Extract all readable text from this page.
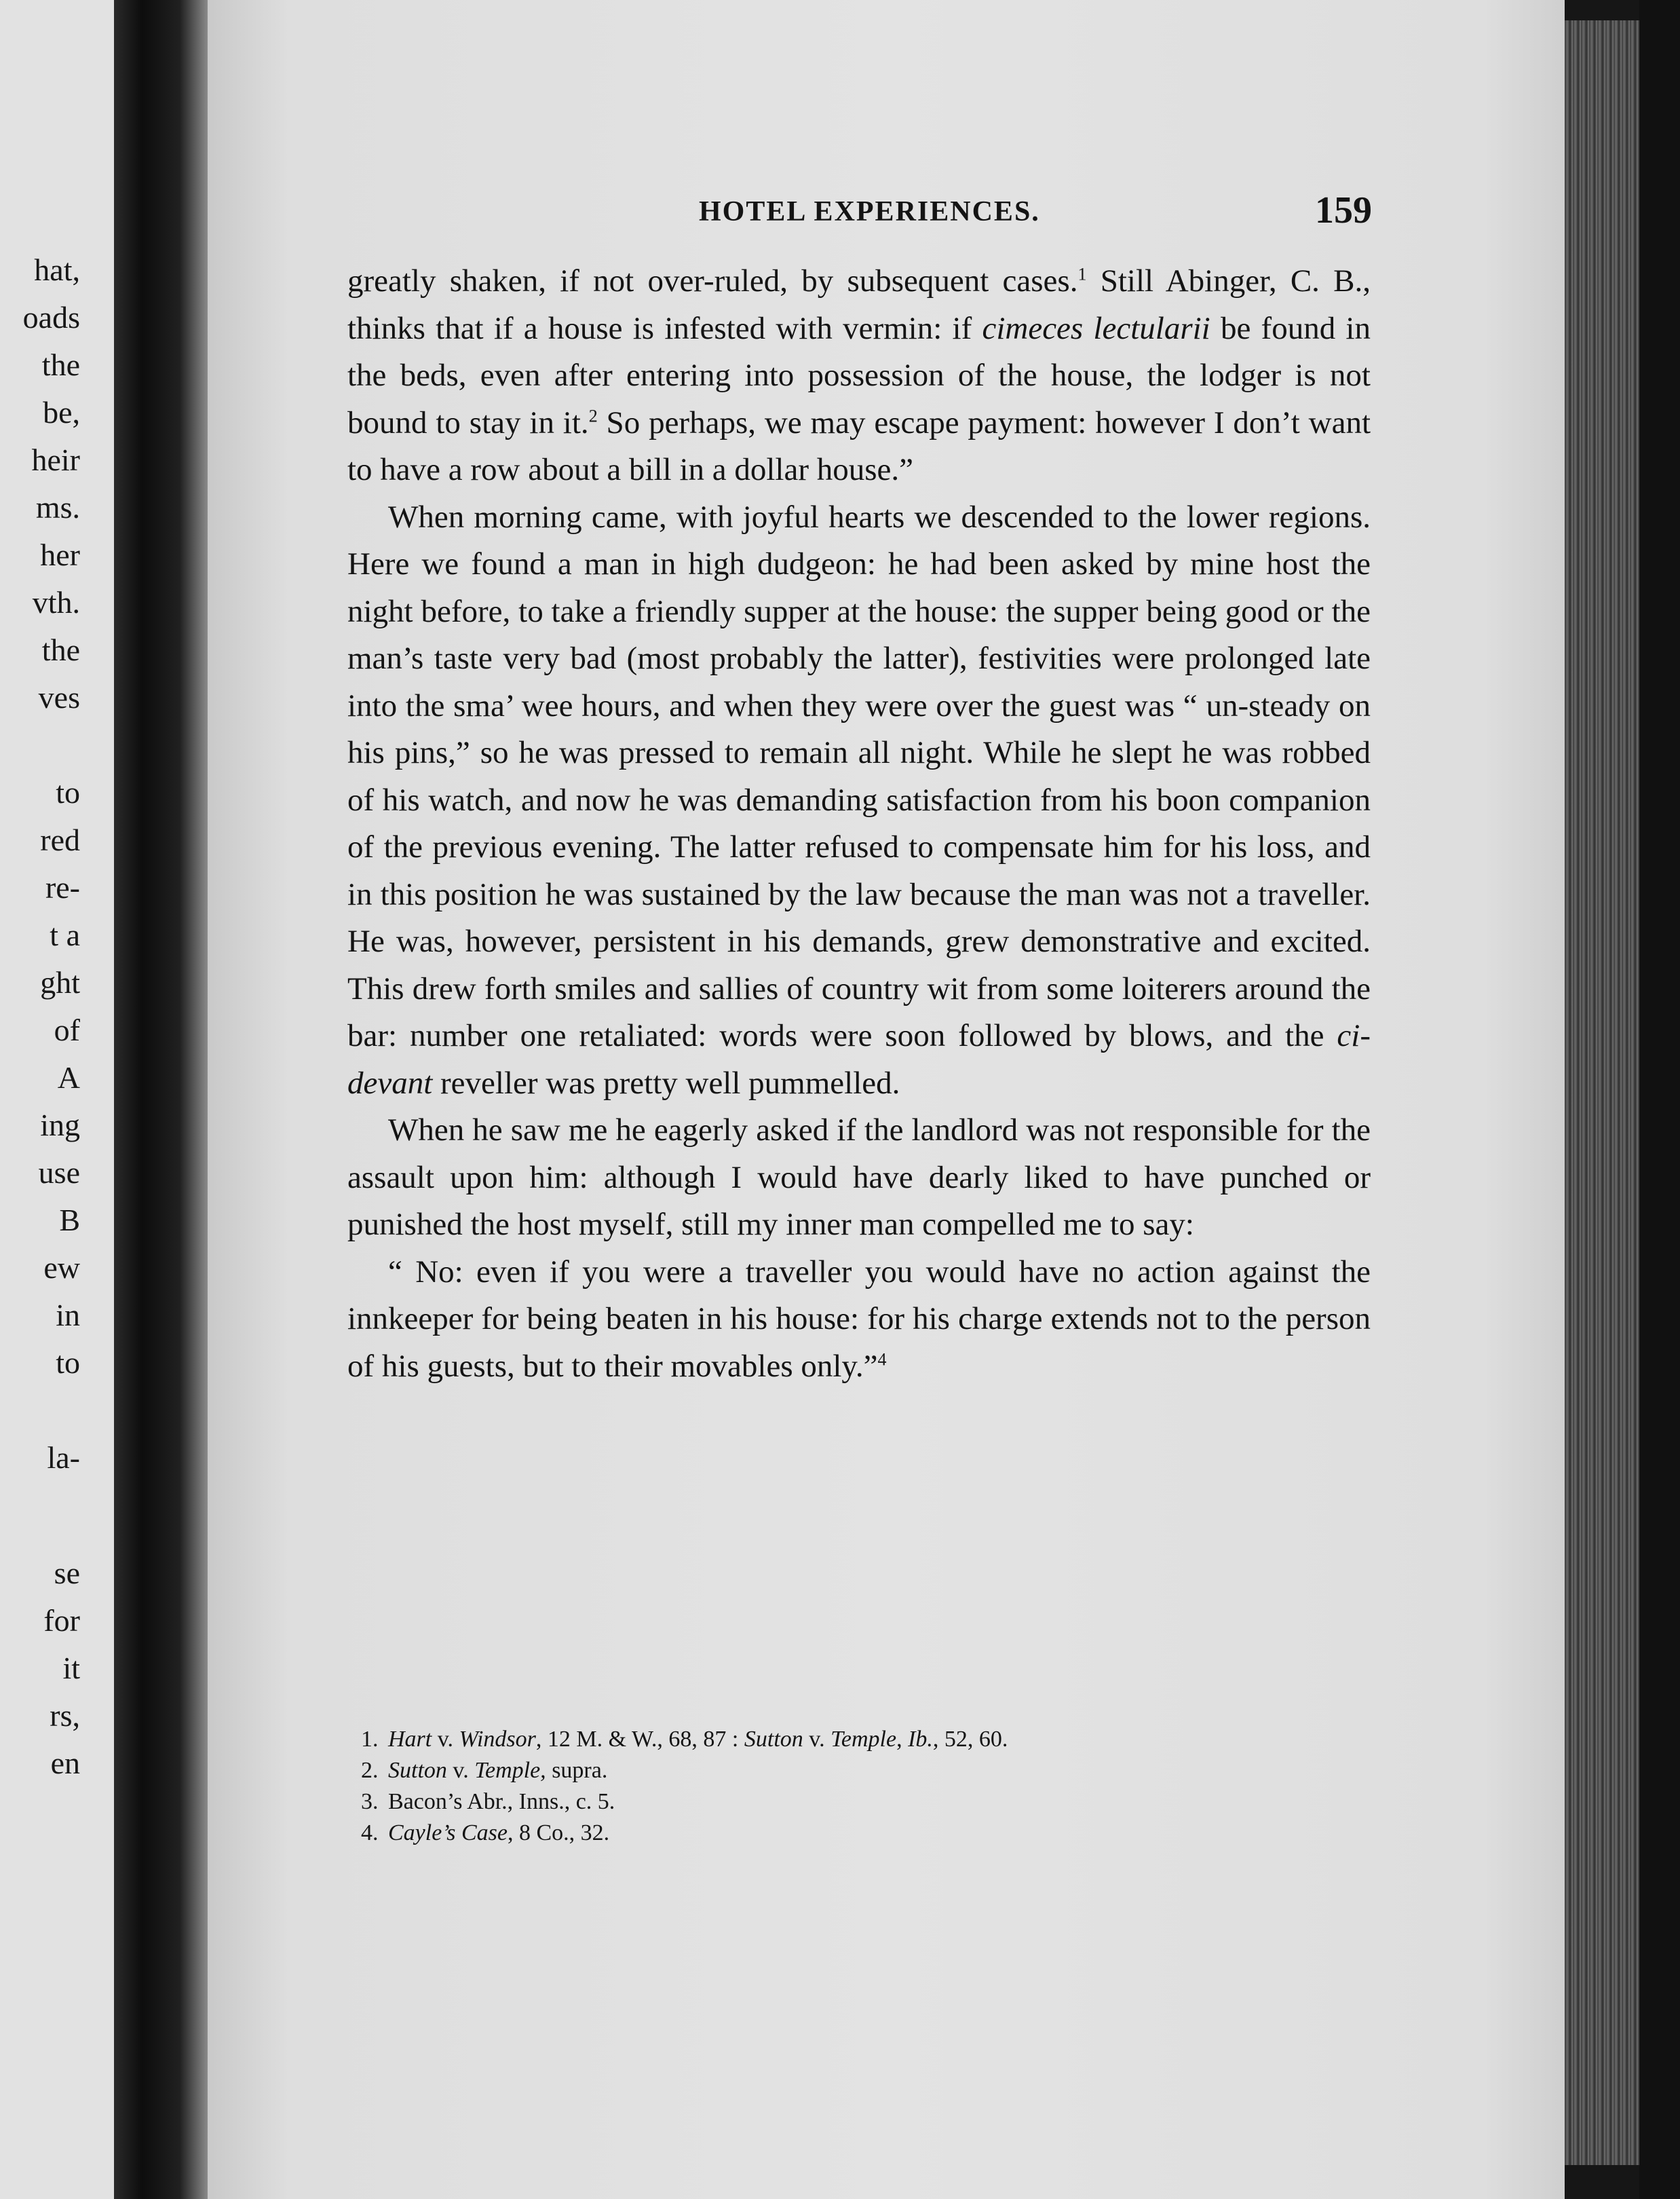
hat,
oads
the
be,
heir
ms.
her
vth.
the
ves
to
red
re-
t a
ght
of
A
ing
use
B
ew
in
to
la-
se
for
it
rs,
en
HOTEL EXPERIENCES.	159

greatly shaken, if not over-ruled, by subsequent cases.$^1$ Still Abinger, C. B., thinks that if a house is infested with vermin: if cimeces lectularii be found in the beds, even after entering into possession of the house, the lodger is not bound to stay in it.$^2$ So perhaps, we may escape payment: however I don’t want to have a row about a bill in a dollar house.”

When morning came, with joyful hearts we descended to the lower regions. Here we found a man in high dudgeon: he had been asked by mine host the night before, to take a friendly supper at the house: the supper being good or the man’s taste very bad (most probably the latter), festivities were prolonged late into the sma’ wee hours, and when they were over the guest was “ un-steady on his pins,” so he was pressed to remain all night. While he slept he was robbed of his watch, and now he was demanding satisfaction from his boon companion of the previous evening. The latter refused to compensate him for his loss, and in this position he was sustained by the law because the man was not a traveller. He was, however, persistent in his demands, grew demonstrative and excited. This drew forth smiles and sallies of country wit from some loiterers around the bar: number one retaliated: words were soon followed by blows, and the ci-devant reveller was pretty well pummelled.

When he saw me he eagerly asked if the landlord was not responsible for the assault upon him: although I would have dearly liked to have punched or punished the host myself, still my inner man compelled me to say:

“ No: even if you were a traveller you would have no action against the innkeeper for being beaten in his house: for his charge extends not to the person of his guests, but to their movables only.”$^4$

1. Hart v. Windsor, 12 M. & W., 68, 87 : Sutton v. Temple, Ib., 52, 60.
2. Sutton v. Temple, supra.
3. Bacon’s Abr., Inns., c. 5.
4. Cayle’s Case, 8 Co., 32.
